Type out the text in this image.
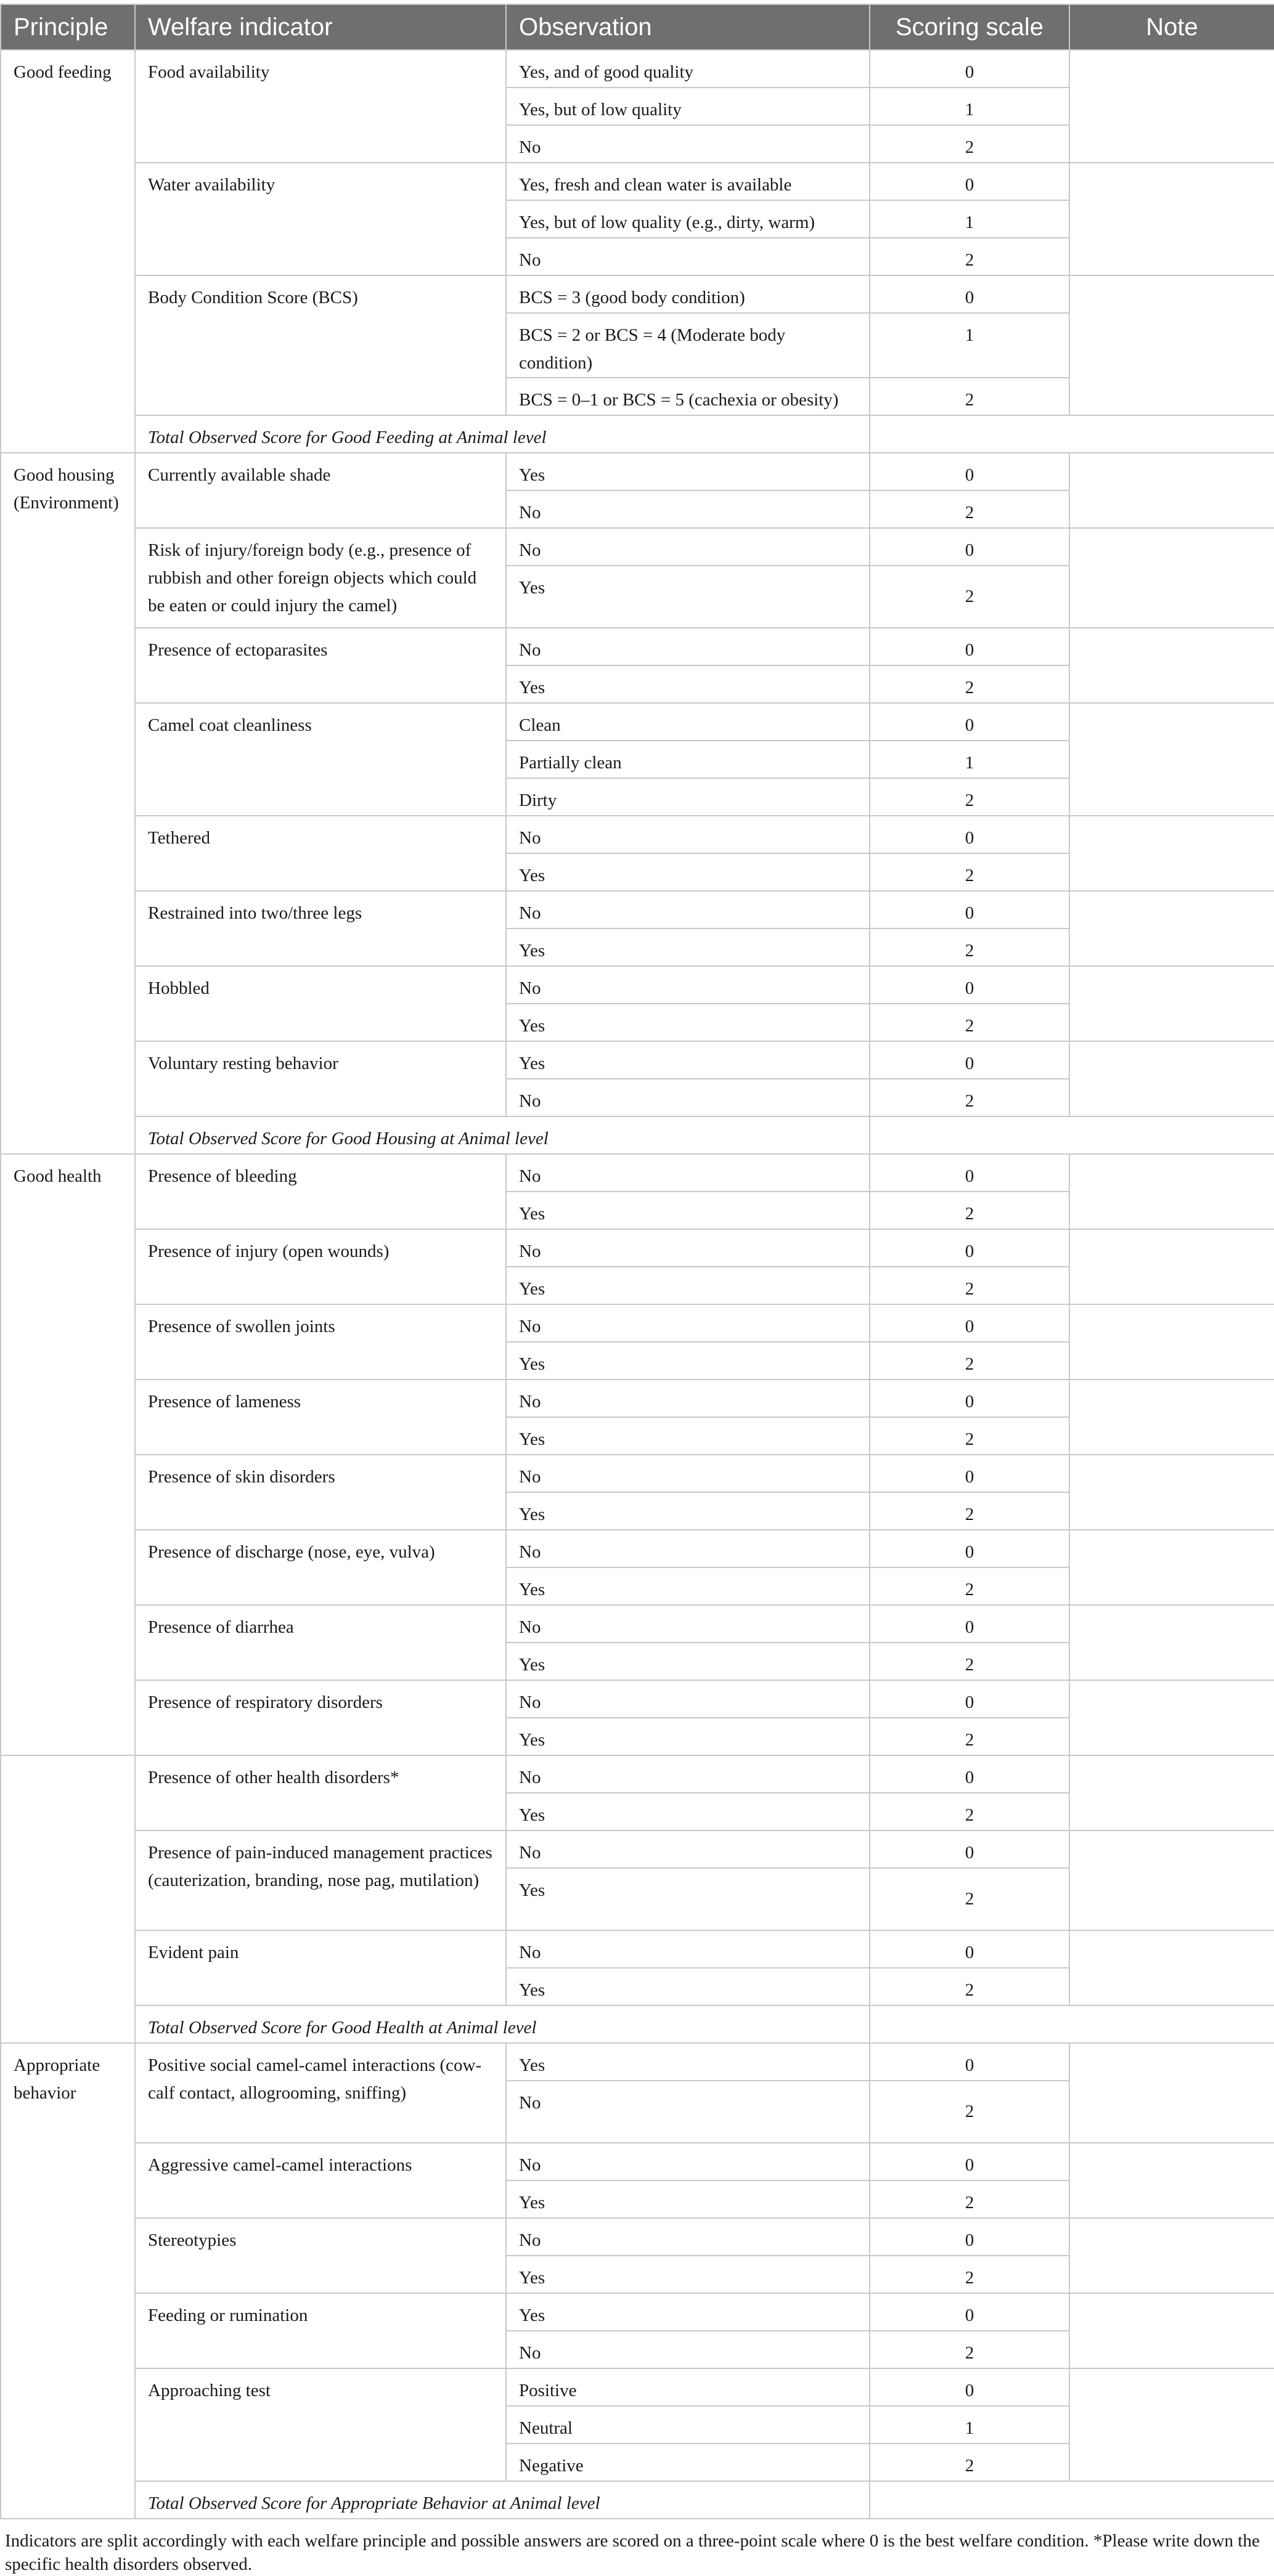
Principle	Welfare indicator	Observation	Scoring scale	Note
Good feeding	Food availability	Yes, and of good quality	0	
		Yes, but of low quality	1	
		No	2	
	Water availability	Yes, fresh and clean water is available	0	
		Yes, but of low quality (e.g., dirty, warm)	1	
		No	2	
	Body Condition Score (BCS)	BCS = 3 (good body condition)	0	
		BCS = 2 or BCS = 4 (Moderate body condition)	1	
		BCS = 0–1 or BCS = 5 (cachexia or obesity)	2	
	Total Observed Score for Good Feeding at Animal level			
Good housing (Environment)	Currently available shade	Yes	0	
		No	2	
	Risk of injury/foreign body (e.g., presence of rubbish and other foreign objects which could be eaten or could injury the camel)	No	0	
		Yes	2	
	Presence of ectoparasites	No	0	
		Yes	2	
	Camel coat cleanliness	Clean	0	
		Partially clean	1	
		Dirty	2	
	Tethered	No	0	
		Yes	2	
	Restrained into two/three legs	No	0	
		Yes	2	
	Hobbled	No	0	
		Yes	2	
	Voluntary resting behavior	Yes	0	
		No	2	
	Total Observed Score for Good Housing at Animal level			
Good health	Presence of bleeding	No	0	
		Yes	2	
	Presence of injury (open wounds)	No	0	
		Yes	2	
	Presence of swollen joints	No	0	
		Yes	2	
	Presence of lameness	No	0	
		Yes	2	
	Presence of skin disorders	No	0	
		Yes	2	
	Presence of discharge (nose, eye, vulva)	No	0	
		Yes	2	
	Presence of diarrhea	No	0	
		Yes	2	
	Presence of respiratory disorders	No	0	
		Yes	2	
	Presence of other health disorders*	No	0	
		Yes	2	
	Presence of pain-induced management practices (cauterization, branding, nose pag, mutilation)	No	0	
		Yes	2	
	Evident pain	No	0	
		Yes	2	
	Total Observed Score for Good Health at Animal level			
Appropriate behavior	Positive social camel-camel interactions (cow-calf contact, allogrooming, sniffing)	Yes	0	
		No	2	
	Aggressive camel-camel interactions	No	0	
		Yes	2	
	Stereotypies	No	0	
		Yes	2	
	Feeding or rumination	Yes	0	
		No	2	
	Approaching test	Positive	0	
		Neutral	1	
		Negative	2	
	Total Observed Score for Appropriate Behavior at Animal level			
Indicators are split accordingly with each welfare principle and possible answers are scored on a three-point scale where 0 is the best welfare condition. *Please write down the specific health disorders observed.
